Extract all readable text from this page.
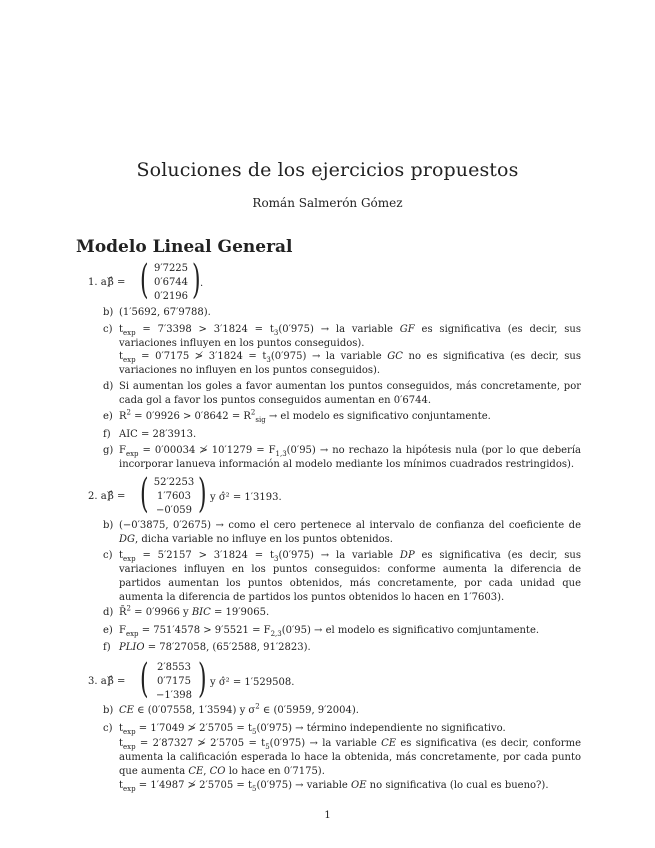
Soluciones de los ejercicios propuestos
Román Salmerón Gómez
Modelo Lineal General
1. a)
β̂ = ( 9′7225
0′6744
0′2196 ) .
b) (1′5692, 67′9788).
c) $t_{exp} = 7'3398 > 3'1824 = t_3(0'975)$ → la variable GF es significativa (es decir, sus variaciones influyen en los puntos conseguidos).
$t_{exp} = 0'7175$ ≯ $3'1824 = t_3(0'975)$ → la variable GC no es significativa (es decir, sus variaciones no influyen en los puntos conseguidos).
d) Si aumentan los goles a favor aumentan los puntos conseguidos, más concretamente, por cada gol a favor los puntos conseguidos aumentan en 0′6744.
e) $R^2 = 0'9926 > 0'8642 = R^2_{sig}$ → el modelo es significativo conjuntamente.
f) AIC = 28′3913.
g) $F_{exp} = 0'00034$ ≯ $10'1279 = F_{1,3}(0'95)$ → no rechazo la hipótesis nula (por lo que debería incorporar lanueva información al modelo mediante los mínimos cuadrados restringidos).
2. a)
β̂ = ( 52′2253
1′7603
−0′059 ) y σ̂² = 1′3193.
b) (−0′3875, 0′2675) → como el cero pertenece al intervalo de confianza del coeficiente de DG, dicha variable no influye en los puntos obtenidos.
c) $t_{exp} = 5'2157 > 3'1824 = t_3(0'975)$ → la variable DP es significativa (es decir, sus variaciones influyen en los puntos conseguidos: conforme aumenta la diferencia de partidos aumentan los puntos obtenidos, más concretamente, por cada unidad que aumenta la diferencia de partidos los puntos obtenidos lo hacen en 1′7603).
d) R̄$^2$ = 0′9966 y BIC = 19′9065.
e) $F_{exp} = 751'4578 > 9'5521 = F_{2,3}(0'95)$ → el modelo es significativo comjuntamente.
f) PLIO = 78′27058, (65′2588, 91′2823).
3. a)
β̂ = ( 2′8553
0′7175
−1′398 ) y σ̂² = 1′529508.
b) CE ∈ (0′07558, 1′3594) y $\sigma^2$ ∈ (0′5959, 9′2004).
c) $t_{exp} = 1'7049$ ≯ $2'5705 = t_5(0'975)$ → término independiente no significativo.
$t_{exp} = 2'87327$ ≯ $2'5705 = t_5(0'975)$ → la variable CE es significativa (es decir, conforme aumenta la calificación esperada lo hace la obtenida, más concretamente, por cada punto que aumenta CE, CO lo hace en 0′7175).
$t_{exp} = 1'4987$ ≯ $2'5705 = t_5(0'975)$ → variable OE no significativa (lo cual es bueno?).
1
